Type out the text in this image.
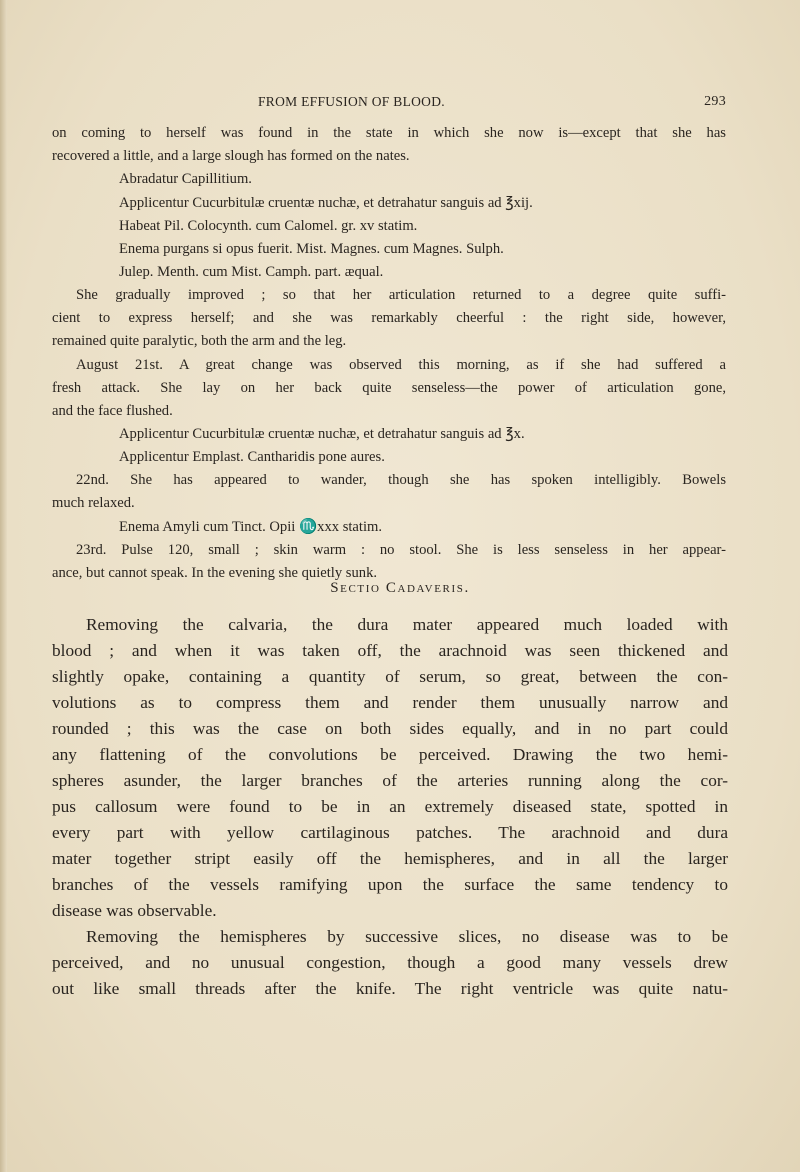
FROM EFFUSION OF BLOOD.	293

on coming to herself was found in the state in which she now is—except that she has

recovered a little, and a large slough has formed on the nates.

Abradatur Capillitium.

Applicentur Cucurbitulæ cruentæ nuchæ, et detrahatur sanguis ad ℥xij.

Habeat Pil. Colocynth. cum Calomel. gr. xv statim.

Enema purgans si opus fuerit. Mist. Magnes. cum Magnes. Sulph.

Julep. Menth. cum Mist. Camph. part. æqual.

She gradually improved ; so that her articulation returned to a degree quite suffi-

cient to express herself; and she was remarkably cheerful : the right side, however,

remained quite paralytic, both the arm and the leg.

August 21st. A great change was observed this morning, as if she had suffered a

fresh attack. She lay on her back quite senseless—the power of articulation gone,

and the face flushed.

Applicentur Cucurbitulæ cruentæ nuchæ, et detrahatur sanguis ad ℥x.

Applicentur Emplast. Cantharidis pone aures.

22nd. She has appeared to wander, though she has spoken intelligibly. Bowels

much relaxed.

Enema Amyli cum Tinct. Opii ♏xxx statim.

23rd. Pulse 120, small ; skin warm : no stool. She is less senseless in her appear-

ance, but cannot speak. In the evening she quietly sunk.

Sectio Cadaveris.

Removing the calvaria, the dura mater appeared much loaded with

blood ; and when it was taken off, the arachnoid was seen thickened and

slightly opake, containing a quantity of serum, so great, between the con-

volutions as to compress them and render them unusually narrow and

rounded ; this was the case on both sides equally, and in no part could

any flattening of the convolutions be perceived. Drawing the two hemi-

spheres asunder, the larger branches of the arteries running along the cor-

pus callosum were found to be in an extremely diseased state, spotted in

every part with yellow cartilaginous patches. The arachnoid and dura

mater together stript easily off the hemispheres, and in all the larger

branches of the vessels ramifying upon the surface the same tendency to

disease was observable.

Removing the hemispheres by successive slices, no disease was to be

perceived, and no unusual congestion, though a good many vessels drew

out like small threads after the knife. The right ventricle was quite natu-
